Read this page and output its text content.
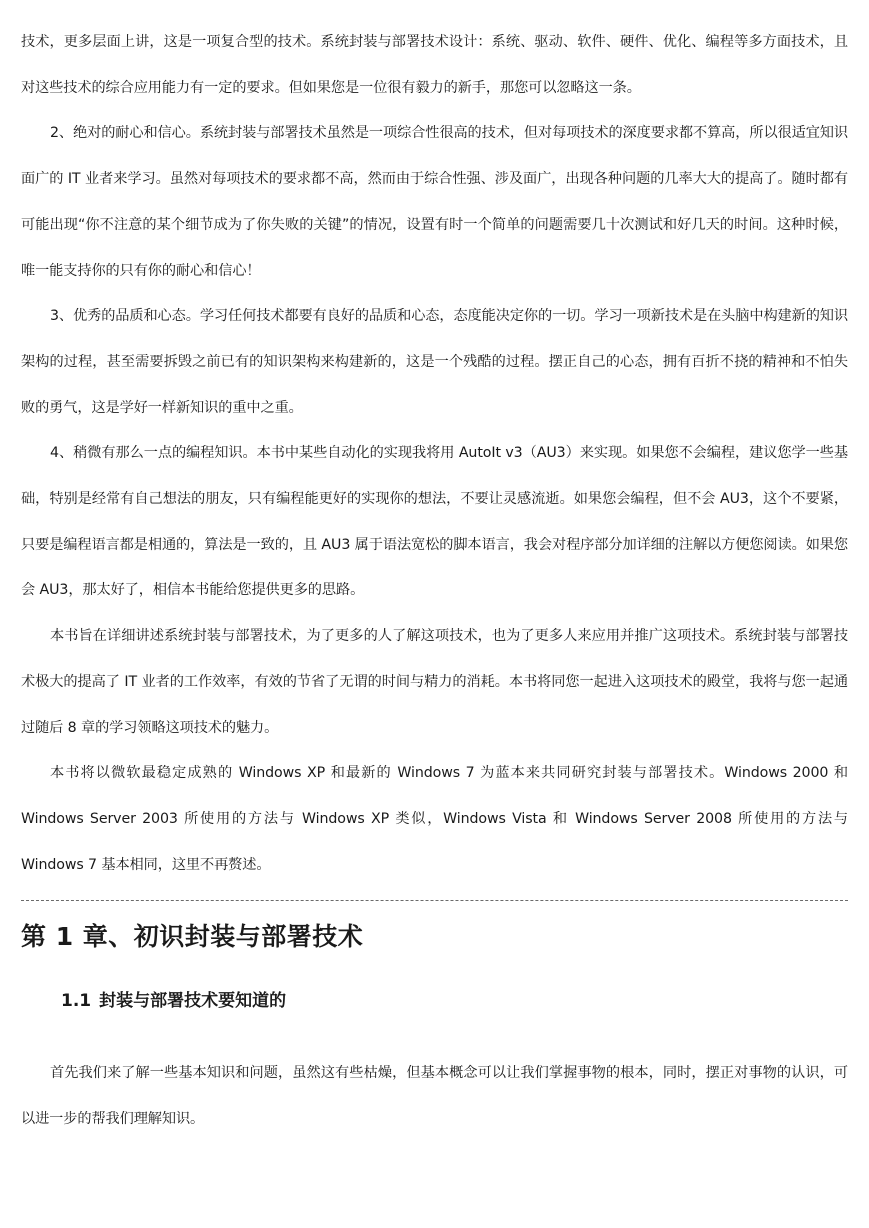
技术，更多层面上讲，这是一项复合型的技术。系统封装与部署技术设计：系统、驱动、软件、硬件、优化、编程等多方面技术，且对这些技术的综合应用能力有一定的要求。但如果您是一位很有毅力的新手，那您可以忽略这一条。

2、绝对的耐心和信心。系统封装与部署技术虽然是一项综合性很高的技术，但对每项技术的深度要求都不算高，所以很适宜知识面广的 IT 业者来学习。虽然对每项技术的要求都不高，然而由于综合性强、涉及面广，出现各种问题的几率大大的提高了。随时都有可能出现“你不注意的某个细节成为了你失败的关键”的情况，设置有时一个简单的问题需要几十次测试和好几天的时间。这种时候，唯一能支持你的只有你的耐心和信心！

3、优秀的品质和心态。学习任何技术都要有良好的品质和心态，态度能决定你的一切。学习一项新技术是在头脑中构建新的知识架构的过程，甚至需要拆毁之前已有的知识架构来构建新的，这是一个残酷的过程。摆正自己的心态，拥有百折不挠的精神和不怕失败的勇气，这是学好一样新知识的重中之重。

4、稍微有那么一点的编程知识。本书中某些自动化的实现我将用 AutoIt v3（AU3）来实现。如果您不会编程，建议您学一些基础，特别是经常有自己想法的朋友，只有编程能更好的实现你的想法，不要让灵感流逝。如果您会编程，但不会 AU3，这个不要紧，只要是编程语言都是相通的，算法是一致的，且 AU3 属于语法宽松的脚本语言，我会对程序部分加详细的注解以方便您阅读。如果您会 AU3，那太好了，相信本书能给您提供更多的思路。

本书旨在详细讲述系统封装与部署技术，为了更多的人了解这项技术，也为了更多人来应用并推广这项技术。系统封装与部署技术极大的提高了 IT 业者的工作效率，有效的节省了无谓的时间与精力的消耗。本书将同您一起进入这项技术的殿堂，我将与您一起通过随后 8 章的学习领略这项技术的魅力。

本书将以微软最稳定成熟的 Windows XP 和最新的 Windows 7 为蓝本来共同研究封装与部署技术。Windows 2000 和 Windows Server 2003 所使用的方法与 Windows XP 类似，Windows Vista 和 Windows Server 2008 所使用的方法与 Windows 7 基本相同，这里不再赘述。

第 1 章、初识封装与部署技术
1.1 封装与部署技术要知道的

首先我们来了解一些基本知识和问题，虽然这有些枯燥，但基本概念可以让我们掌握事物的根本，同时，摆正对事物的认识，可以进一步的帮我们理解知识。
